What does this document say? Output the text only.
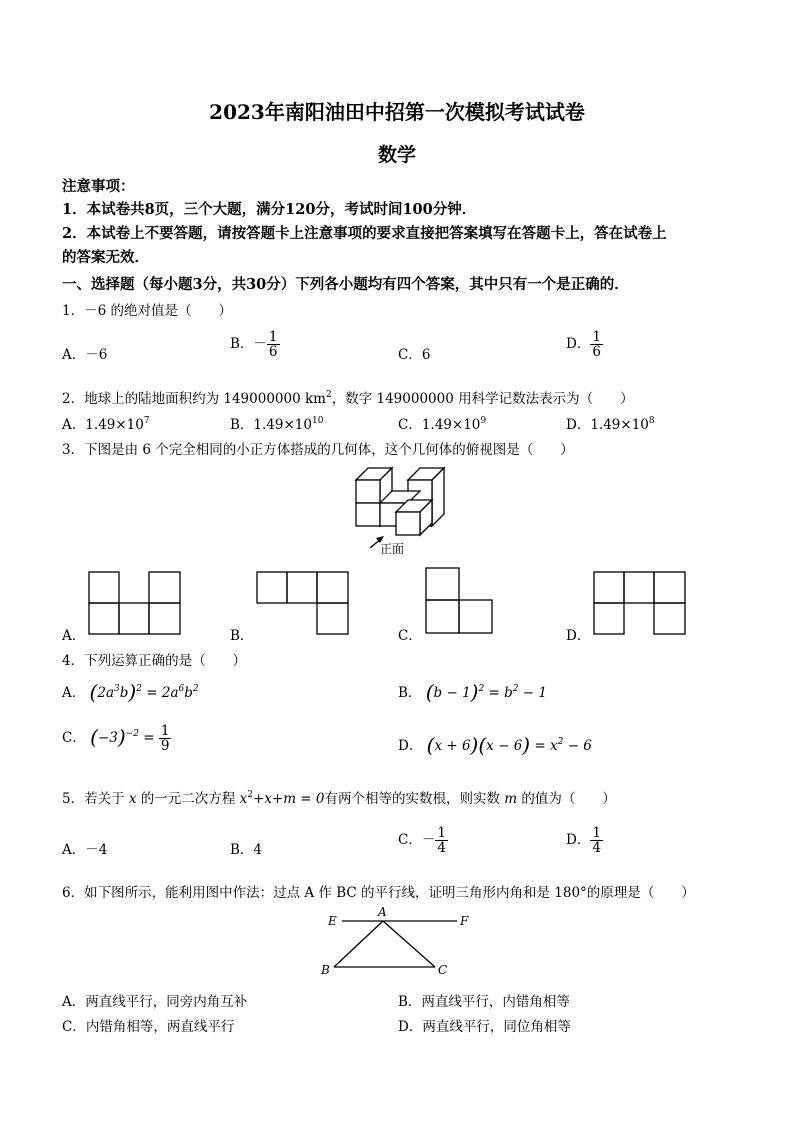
2023年南阳油田中招第一次模拟考试试卷
数学
注意事项：
1．本试卷共8页，三个大题，满分120分，考试时间100分钟．
2．本试卷上不要答题，请按答题卡上注意事项的要求直接把答案填写在答题卡上，答在试卷上
的答案无效．
一、选择题（每小题3分，共30分）下列各小题均有四个答案，其中只有一个是正确的．
1．－6 的绝对值是（　　）
A．－6
B．－ $\frac{1}{6}$	C．6
D． $\frac{1}{6}$
2．地球上的陆地面积约为 149000000 $km^2$，数字 149000000 用科学记数法表示为（　　）
A．$1.49\times 10^7$	B．$1.49\times 10^{10}$	C．$1.49\times 10^9$	D．$1.49\times 10^8$
3．下图是由 6 个完全相同的小正方体搭成的几何体，这个几何体的俯视图是（　　）
正面
A．	B．	C．	D．
4．下列运算正确的是（　　）
A． $(2a^3b)^2 = 2a^6b^2$	B． $(b - 1)^2 = b^2 - 1$
C． $(-3)^{-2} = \frac{1}{9}$	D． $(x + 6)(x - 6) = x^2 - 6$
5．若关于 x 的一元二次方程 $x^2+x+m = 0$有两个相等的实数根，则实数 m 的值为（　　）
A．－4	B．4
C．－ $\frac{1}{4}$	D． $\frac{1}{4}$
6．如下图所示，能利用图中作法：过点 A 作 BC 的平行线，证明三角形内角和是 180°的原理是（　　）
E
A
F
B	C
A．两直线平行，同旁内角互补	B．两直线平行，内错角相等
C．内错角相等，两直线平行	D．两直线平行，同位角相等
